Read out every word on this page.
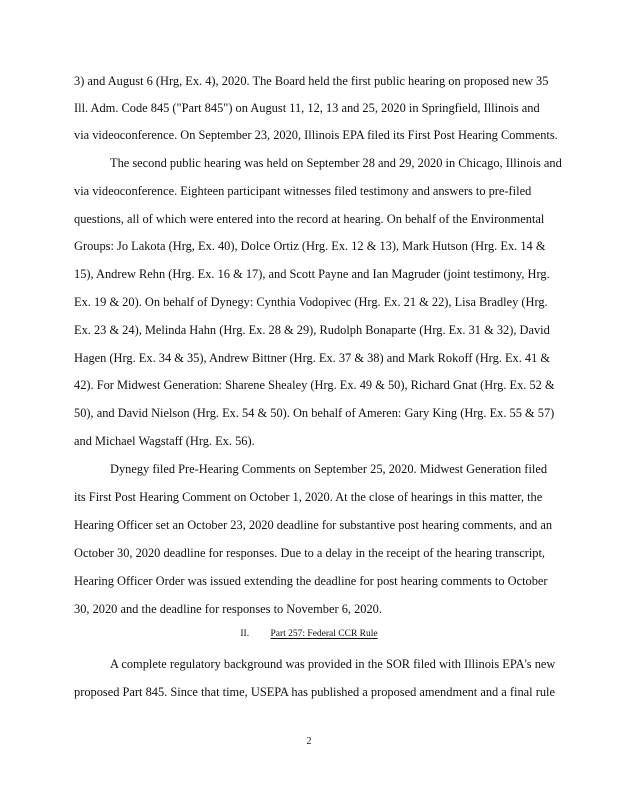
3) and August 6 (Hrg, Ex. 4), 2020. The Board held the first public hearing on proposed new 35

Ill. Adm. Code 845 ("Part 845") on August 11, 12, 13 and 25, 2020 in Springfield, Illinois and

via videoconference. On September 23, 2020, Illinois EPA filed its First Post Hearing Comments.

The second public hearing was held on September 28 and 29, 2020 in Chicago, Illinois and

via videoconference. Eighteen participant witnesses filed testimony and answers to pre-filed

questions, all of which were entered into the record at hearing. On behalf of the Environmental

Groups: Jo Lakota (Hrg, Ex. 40), Dolce Ortiz (Hrg. Ex. 12 & 13), Mark Hutson (Hrg. Ex. 14 &

15), Andrew Rehn (Hrg. Ex. 16 & 17), and Scott Payne and Ian Magruder (joint testimony, Hrg.

Ex. 19 & 20). On behalf of Dynegy: Cynthia Vodopivec (Hrg. Ex. 21 & 22), Lisa Bradley (Hrg.

Ex. 23 & 24), Melinda Hahn (Hrg. Ex. 28 & 29), Rudolph Bonaparte (Hrg. Ex. 31 & 32), David

Hagen (Hrg. Ex. 34 & 35), Andrew Bittner (Hrg. Ex. 37 & 38) and Mark Rokoff (Hrg. Ex. 41 &

42). For Midwest Generation: Sharene Shealey (Hrg. Ex. 49 & 50), Richard Gnat (Hrg. Ex. 52 &

50), and David Nielson (Hrg. Ex. 54 & 50). On behalf of Ameren: Gary King (Hrg. Ex. 55 & 57)

and Michael Wagstaff (Hrg. Ex. 56).

Dynegy filed Pre-Hearing Comments on September 25, 2020. Midwest Generation filed

its First Post Hearing Comment on October 1, 2020. At the close of hearings in this matter, the

Hearing Officer set an October 23, 2020 deadline for substantive post hearing comments, and an

October 30, 2020 deadline for responses. Due to a delay in the receipt of the hearing transcript,

Hearing Officer Order was issued extending the deadline for post hearing comments to October

30, 2020 and the deadline for responses to November 6, 2020.

II. Part 257: Federal CCR Rule

A complete regulatory background was provided in the SOR filed with Illinois EPA's new

proposed Part 845. Since that time, USEPA has published a proposed amendment and a final rule

2
